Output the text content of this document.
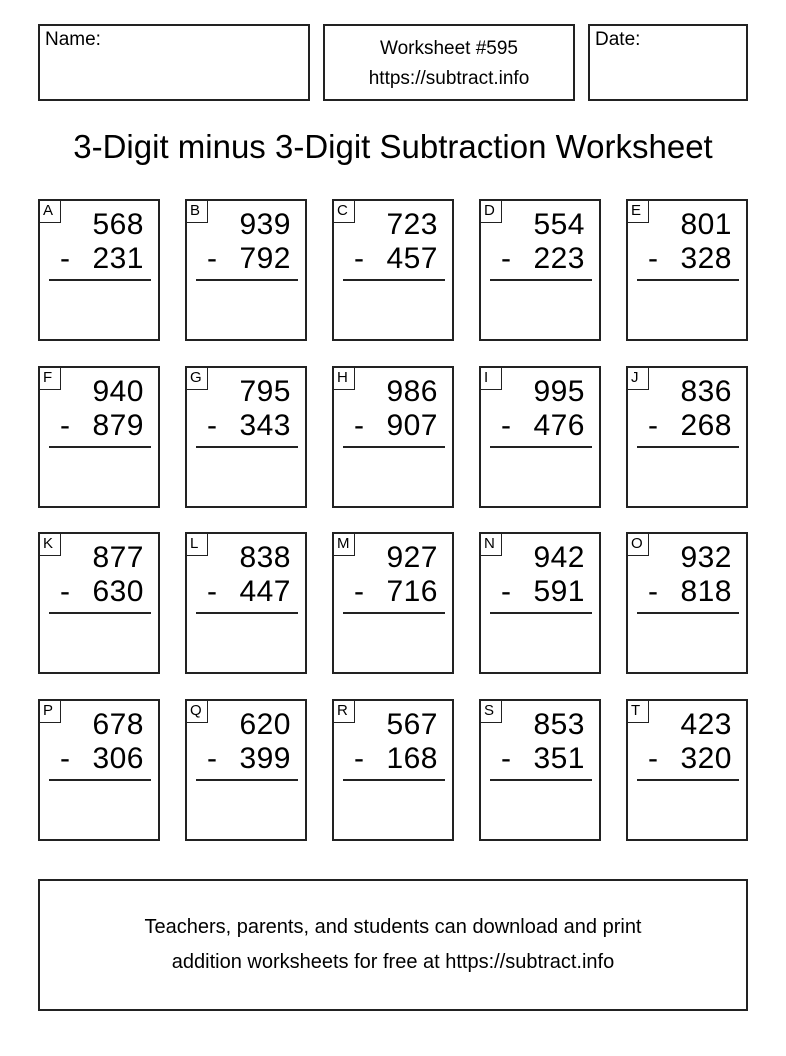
Name:	Worksheet #595
https://subtract.info
Date:
3-Digit minus 3-Digit Subtraction Worksheet
A 568
- 231
B 939
- 792
C 723
- 457
D 554
- 223
E 801
- 328
F 940
- 879
G 795
- 343
H 986
- 907
I	995
- 476
J	836
- 268
K 877
- 630
L	838
- 447
M 927
- 716
N 942
- 591
O 932
- 818
P 678
- 306
Q 620
- 399
R 567
- 168
S 853
- 351
T 423
- 320
Teachers, parents, and students can download and print
addition worksheets for free at https://subtract.info
